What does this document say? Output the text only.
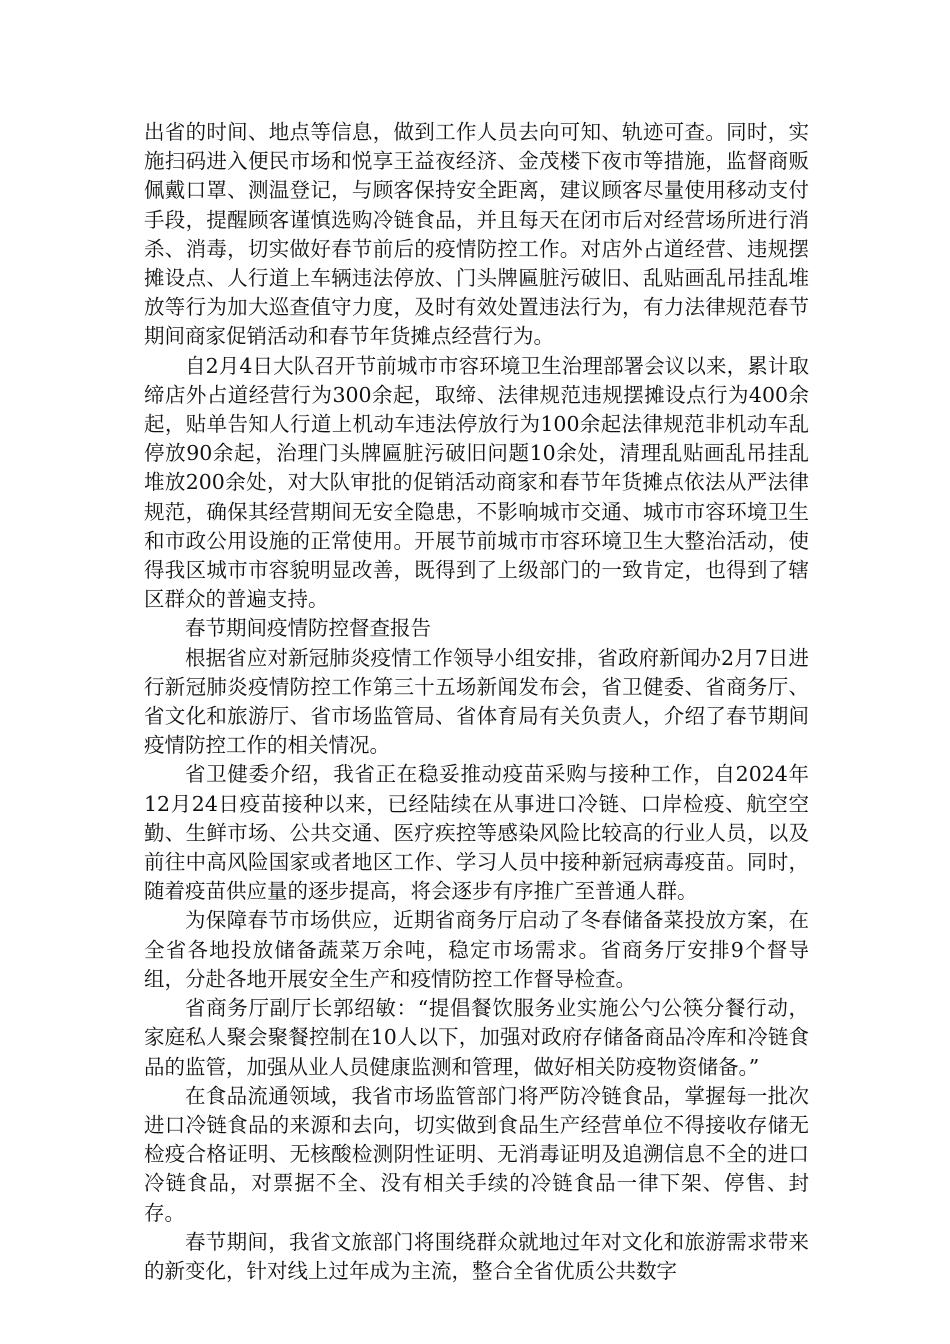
出省的时间、地点等信息，做到工作人员去向可知、轨迹可查。同时，实施扫码进入便民市场和悦享王益夜经济、金茂楼下夜市等措施，监督商贩佩戴口罩、测温登记，与顾客保持安全距离，建议顾客尽量使用移动支付手段，提醒顾客谨慎选购冷链食品，并且每天在闭市后对经营场所进行消杀、消毒，切实做好春节前后的疫情防控工作。对店外占道经营、违规摆摊设点、人行道上车辆违法停放、门头牌匾脏污破旧、乱贴画乱吊挂乱堆放等行为加大巡查值守力度，及时有效处置违法行为，有力法律规范春节期间商家促销活动和春节年货摊点经营行为。

自2月4日大队召开节前城市市容环境卫生治理部署会议以来，累计取缔店外占道经营行为300余起，取缔、法律规范违规摆摊设点行为400余起，贴单告知人行道上机动车违法停放行为100余起法律规范非机动车乱停放90余起，治理门头牌匾脏污破旧问题10余处，清理乱贴画乱吊挂乱堆放200余处，对大队审批的促销活动商家和春节年货摊点依法从严法律规范，确保其经营期间无安全隐患，不影响城市交通、城市市容环境卫生和市政公用设施的正常使用。开展节前城市市容环境卫生大整治活动，使得我区城市市容貌明显改善，既得到了上级部门的一致肯定，也得到了辖区群众的普遍支持。

春节期间疫情防控督查报告

根据省应对新冠肺炎疫情工作领导小组安排，省政府新闻办2月7日进行新冠肺炎疫情防控工作第三十五场新闻发布会，省卫健委、省商务厅、省文化和旅游厅、省市场监管局、省体育局有关负责人，介绍了春节期间疫情防控工作的相关情况。

省卫健委介绍，我省正在稳妥推动疫苗采购与接种工作，自2024年12月24日疫苗接种以来，已经陆续在从事进口冷链、口岸检疫、航空空勤、生鲜市场、公共交通、医疗疾控等感染风险比较高的行业人员，以及前往中高风险国家或者地区工作、学习人员中接种新冠病毒疫苗。同时，随着疫苗供应量的逐步提高，将会逐步有序推广至普通人群。

为保障春节市场供应，近期省商务厅启动了冬春储备菜投放方案，在全省各地投放储备蔬菜万余吨，稳定市场需求。省商务厅安排9个督导组，分赴各地开展安全生产和疫情防控工作督导检查。

省商务厅副厅长郭绍敏：“提倡餐饮服务业实施公勺公筷分餐行动，家庭私人聚会聚餐控制在10人以下，加强对政府存储备商品冷库和冷链食品的监管，加强从业人员健康监测和管理，做好相关防疫物资储备。”

在食品流通领域，我省市场监管部门将严防冷链食品，掌握每一批次进口冷链食品的来源和去向，切实做到食品生产经营单位不得接收存储无检疫合格证明、无核酸检测阴性证明、无消毒证明及追溯信息不全的进口冷链食品，对票据不全、没有相关手续的冷链食品一律下架、停售、封存。

春节期间，我省文旅部门将围绕群众就地过年对文化和旅游需求带来的新变化，针对线上过年成为主流，整合全省优质公共数字
